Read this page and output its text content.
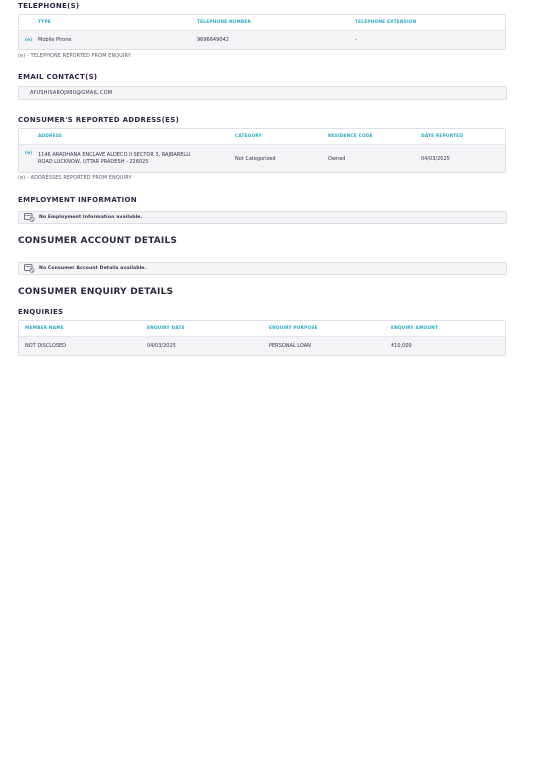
TELEPHONE(S)
TYPE	TELEPHONE NUMBER	TELEPHONE EXTENSION
(e)	Mobile Phone	9696649042	-
(e) - TELEPHONE REPORTED FROM ENQUIRY
EMAIL CONTACT(S)
AYUSHISAROJ980@GMAIL.COM
CONSUMER'S REPORTED ADDRESS(ES)
ADDRESS	CATEGORY	RESIDENCE CODE	DATE REPORTED
(e)	1146 ARADHANA ENCLAVE ALDECO II SECTOR 3, RAJBARELLI
ROAD LUCKNOW, UTTAR PRADESH - 226025	Not Categorized	Owned	04/03/2025
(e) - ADDRESSES REPORTED FROM ENQUIRY
EMPLOYMENT INFORMATION
No Employment Information available.
CONSUMER ACCOUNT DETAILS
No Consumer Account Details available.
CONSUMER ENQUIRY DETAILS
ENQUIRIES
MEMBER NAME	ENQUIRY DATE	ENQUIRY PURPOSE	ENQUIRY AMOUNT
NOT DISCLOSED	04/03/2025	PERSONAL LOAN	₹10,000
